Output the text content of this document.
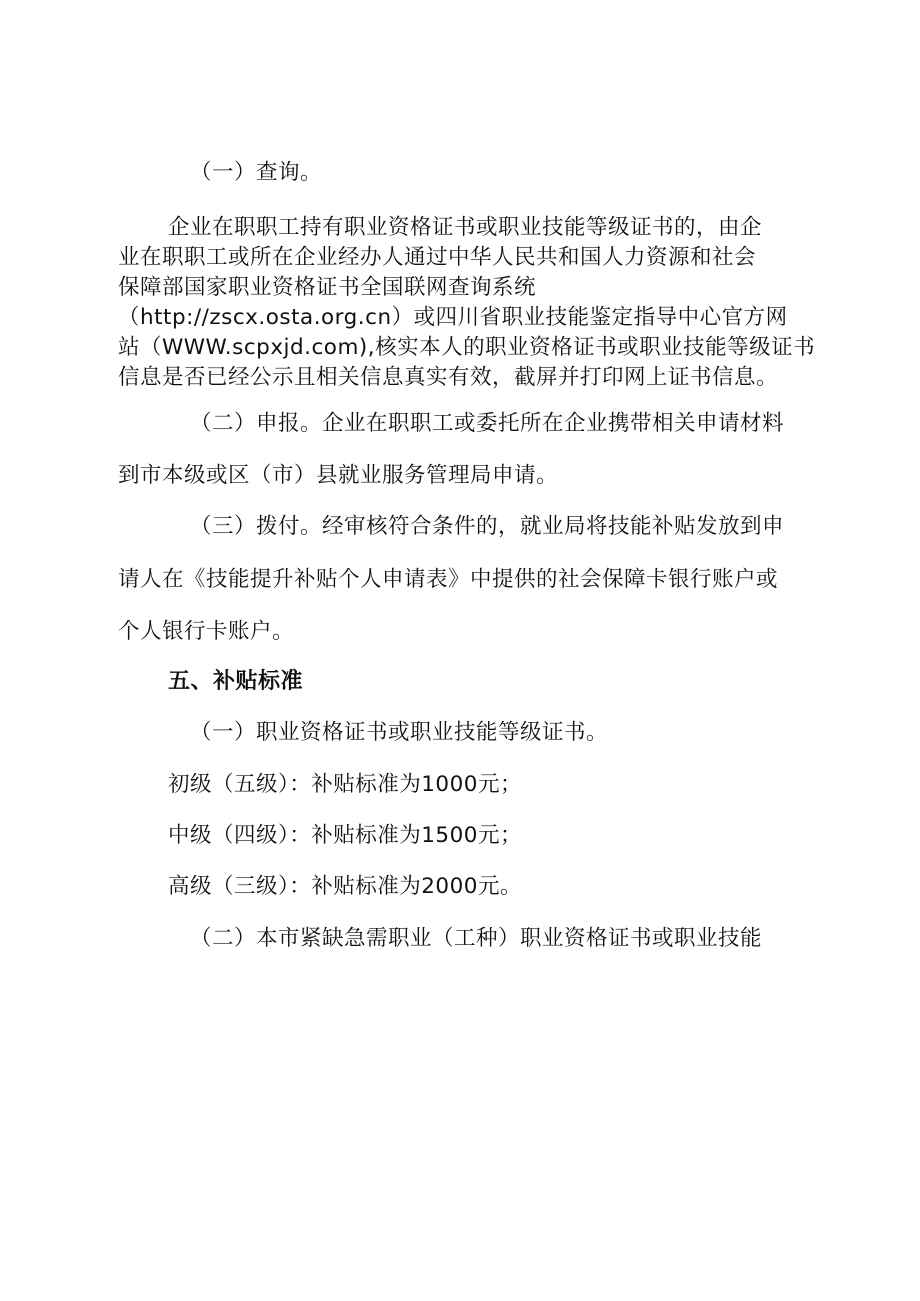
（一）查询。
企业在职职工持有职业资格证书或职业技能等级证书的，由企
业在职职工或所在企业经办人通过中华人民共和国人力资源和社会
保障部国家职业资格证书全国联网查询系统
（http://zscx.osta.org.cn）或四川省职业技能鉴定指导中心官方网
站（WWW.scpxjd.com),核实本人的职业资格证书或职业技能等级证书
信息是否已经公示且相关信息真实有效，截屏并打印网上证书信息。
（二）申报。企业在职职工或委托所在企业携带相关申请材料
到市本级或区（市）县就业服务管理局申请。
（三）拨付。经审核符合条件的，就业局将技能补贴发放到申
请人在《技能提升补贴个人申请表》中提供的社会保障卡银行账户或
个人银行卡账户。
五、补贴标准
（一）职业资格证书或职业技能等级证书。
初级（五级）：补贴标准为1000元；
中级（四级）：补贴标准为1500元；
高级（三级）：补贴标准为2000元。
（二）本市紧缺急需职业（工种）职业资格证书或职业技能
